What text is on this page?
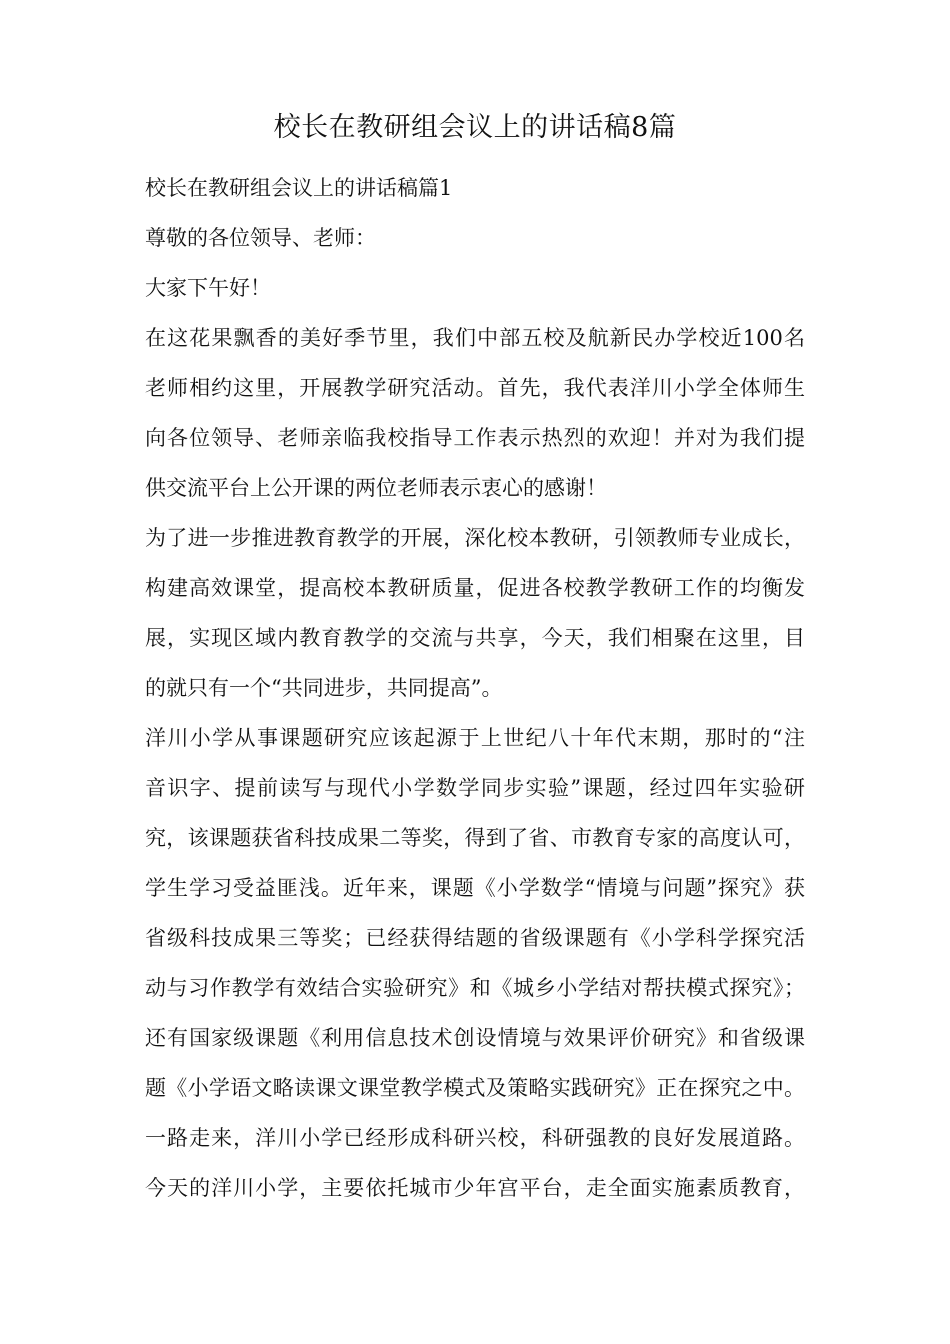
校长在教研组会议上的讲话稿8篇
校长在教研组会议上的讲话稿篇1
尊敬的各位领导、老师：
大家下午好！
在这花果飘香的美好季节里，我们中部五校及航新民办学校近100名
老师相约这里，开展教学研究活动。首先，我代表洋川小学全体师生
向各位领导、老师亲临我校指导工作表示热烈的欢迎！并对为我们提
供交流平台上公开课的两位老师表示衷心的感谢！
为了进一步推进教育教学的开展，深化校本教研，引领教师专业成长，
构建高效课堂，提高校本教研质量，促进各校教学教研工作的均衡发
展，实现区域内教育教学的交流与共享，今天，我们相聚在这里，目
的就只有一个“共同进步，共同提高”。
洋川小学从事课题研究应该起源于上世纪八十年代末期，那时的“注
音识字、提前读写与现代小学数学同步实验”课题，经过四年实验研
究，该课题获省科技成果二等奖，得到了省、市教育专家的高度认可，
学生学习受益匪浅。近年来，课题《小学数学“情境与问题”探究》获
省级科技成果三等奖；已经获得结题的省级课题有《小学科学探究活
动与习作教学有效结合实验研究》和《城乡小学结对帮扶模式探究》；
还有国家级课题《利用信息技术创设情境与效果评价研究》和省级课
题《小学语文略读课文课堂教学模式及策略实践研究》正在探究之中。
一路走来，洋川小学已经形成科研兴校，科研强教的良好发展道路。
今天的洋川小学，主要依托城市少年宫平台，走全面实施素质教育，
